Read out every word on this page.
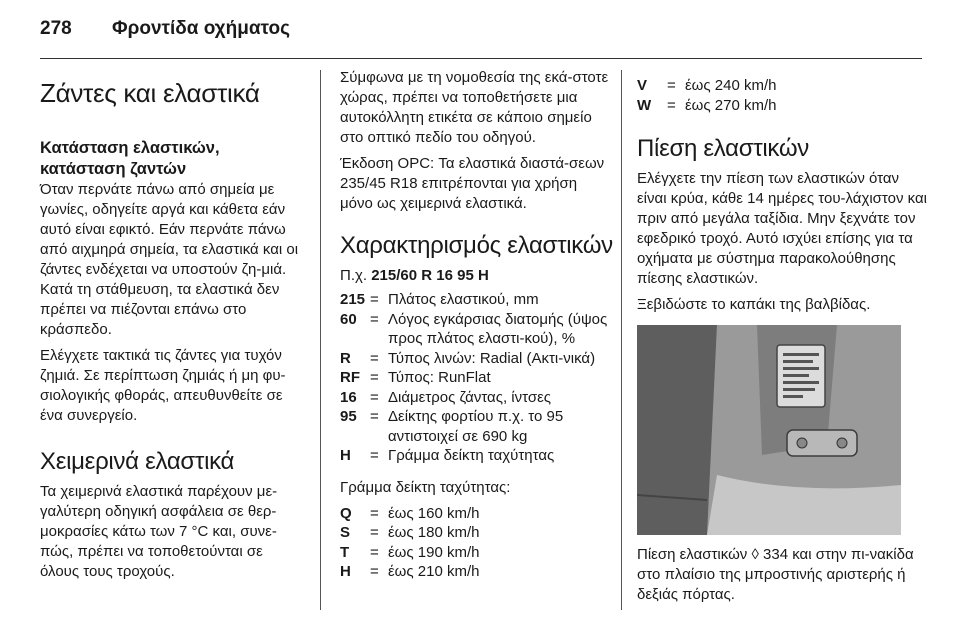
278 Φροντίδα οχήματος
Ζάντες και ελαστικά
Κατάσταση ελαστικών, κατάσταση ζαντών

Όταν περνάτε πάνω από σημεία με γωνίες, οδηγείτε αργά και κάθετα εάν αυτό είναι εφικτό. Εάν περνάτε πάνω από αιχμηρά σημεία, τα ελαστικά και οι ζάντες ενδέχεται να υποστούν ζη-μιά. Κατά τη στάθμευση, τα ελαστικά δεν πρέπει να πιέζονται επάνω στο κράσπεδο.

Ελέγχετε τακτικά τις ζάντες για τυχόν ζημιά. Σε περίπτωση ζημιάς ή μη φυ-σιολογικής φθοράς, απευθυνθείτε σε ένα συνεργείο.

Χειμερινά ελαστικά

Τα χειμερινά ελαστικά παρέχουν με-γαλύτερη οδηγική ασφάλεια σε θερ-μοκρασίες κάτω των 7 °C και, συνε-πώς, πρέπει να τοποθετούνται σε όλους τους τροχούς.

Σύμφωνα με τη νομοθεσία της εκά-στοτε χώρας, πρέπει να τοποθετήσετε μια αυτοκόλλητη ετικέτα σε κάποιο σημείο στο οπτικό πεδίο του οδηγού.

Έκδοση OPC: Τα ελαστικά διαστά-σεων 235/45 R18 επιτρέπονται για χρήση μόνο ως χειμερινά ελαστικά.

Χαρακτηρισμός ελαστικών
Π.χ. 215/60 R 16 95 H
215 = Πλάτος ελαστικού, mm
60 = Λόγος εγκάρσιας διατομής (ύψος προς πλάτος ελαστι-κού), %
R	= Τύπος λινών: Radial (Ακτι-νικά)
RF = Τύπος: RunFlat
16 = Διάμετρος ζάντας, ίντσες
95 = Δείκτης φορτίου π.χ. το 95 αντιστοιχεί σε 690 kg
H	= Γράμμα δείκτη ταχύτητας

Γράμμα δείκτη ταχύτητας:

Q	= έως 160 km/h
S	= έως 180 km/h
T	= έως 190 km/h
H	= έως 210 km/h
V	= έως 240 km/h
W	= έως 270 km/h
Πίεση ελαστικών

Ελέγχετε την πίεση των ελαστικών όταν είναι κρύα, κάθε 14 ημέρες του-λάχιστον και πριν από μεγάλα ταξίδια. Μην ξεχνάτε τον εφεδρικό τροχό. Αυτό ισχύει επίσης για τα οχήματα με σύστημα παρακολούθησης πίεσης ελαστικών.

Ξεβιδώστε το καπάκι της βαλβίδας.

Πίεση ελαστικών ◊ 334 και στην πι-νακίδα στο πλαίσιο της μπροστινής αριστερής ή δεξιάς πόρτας.
